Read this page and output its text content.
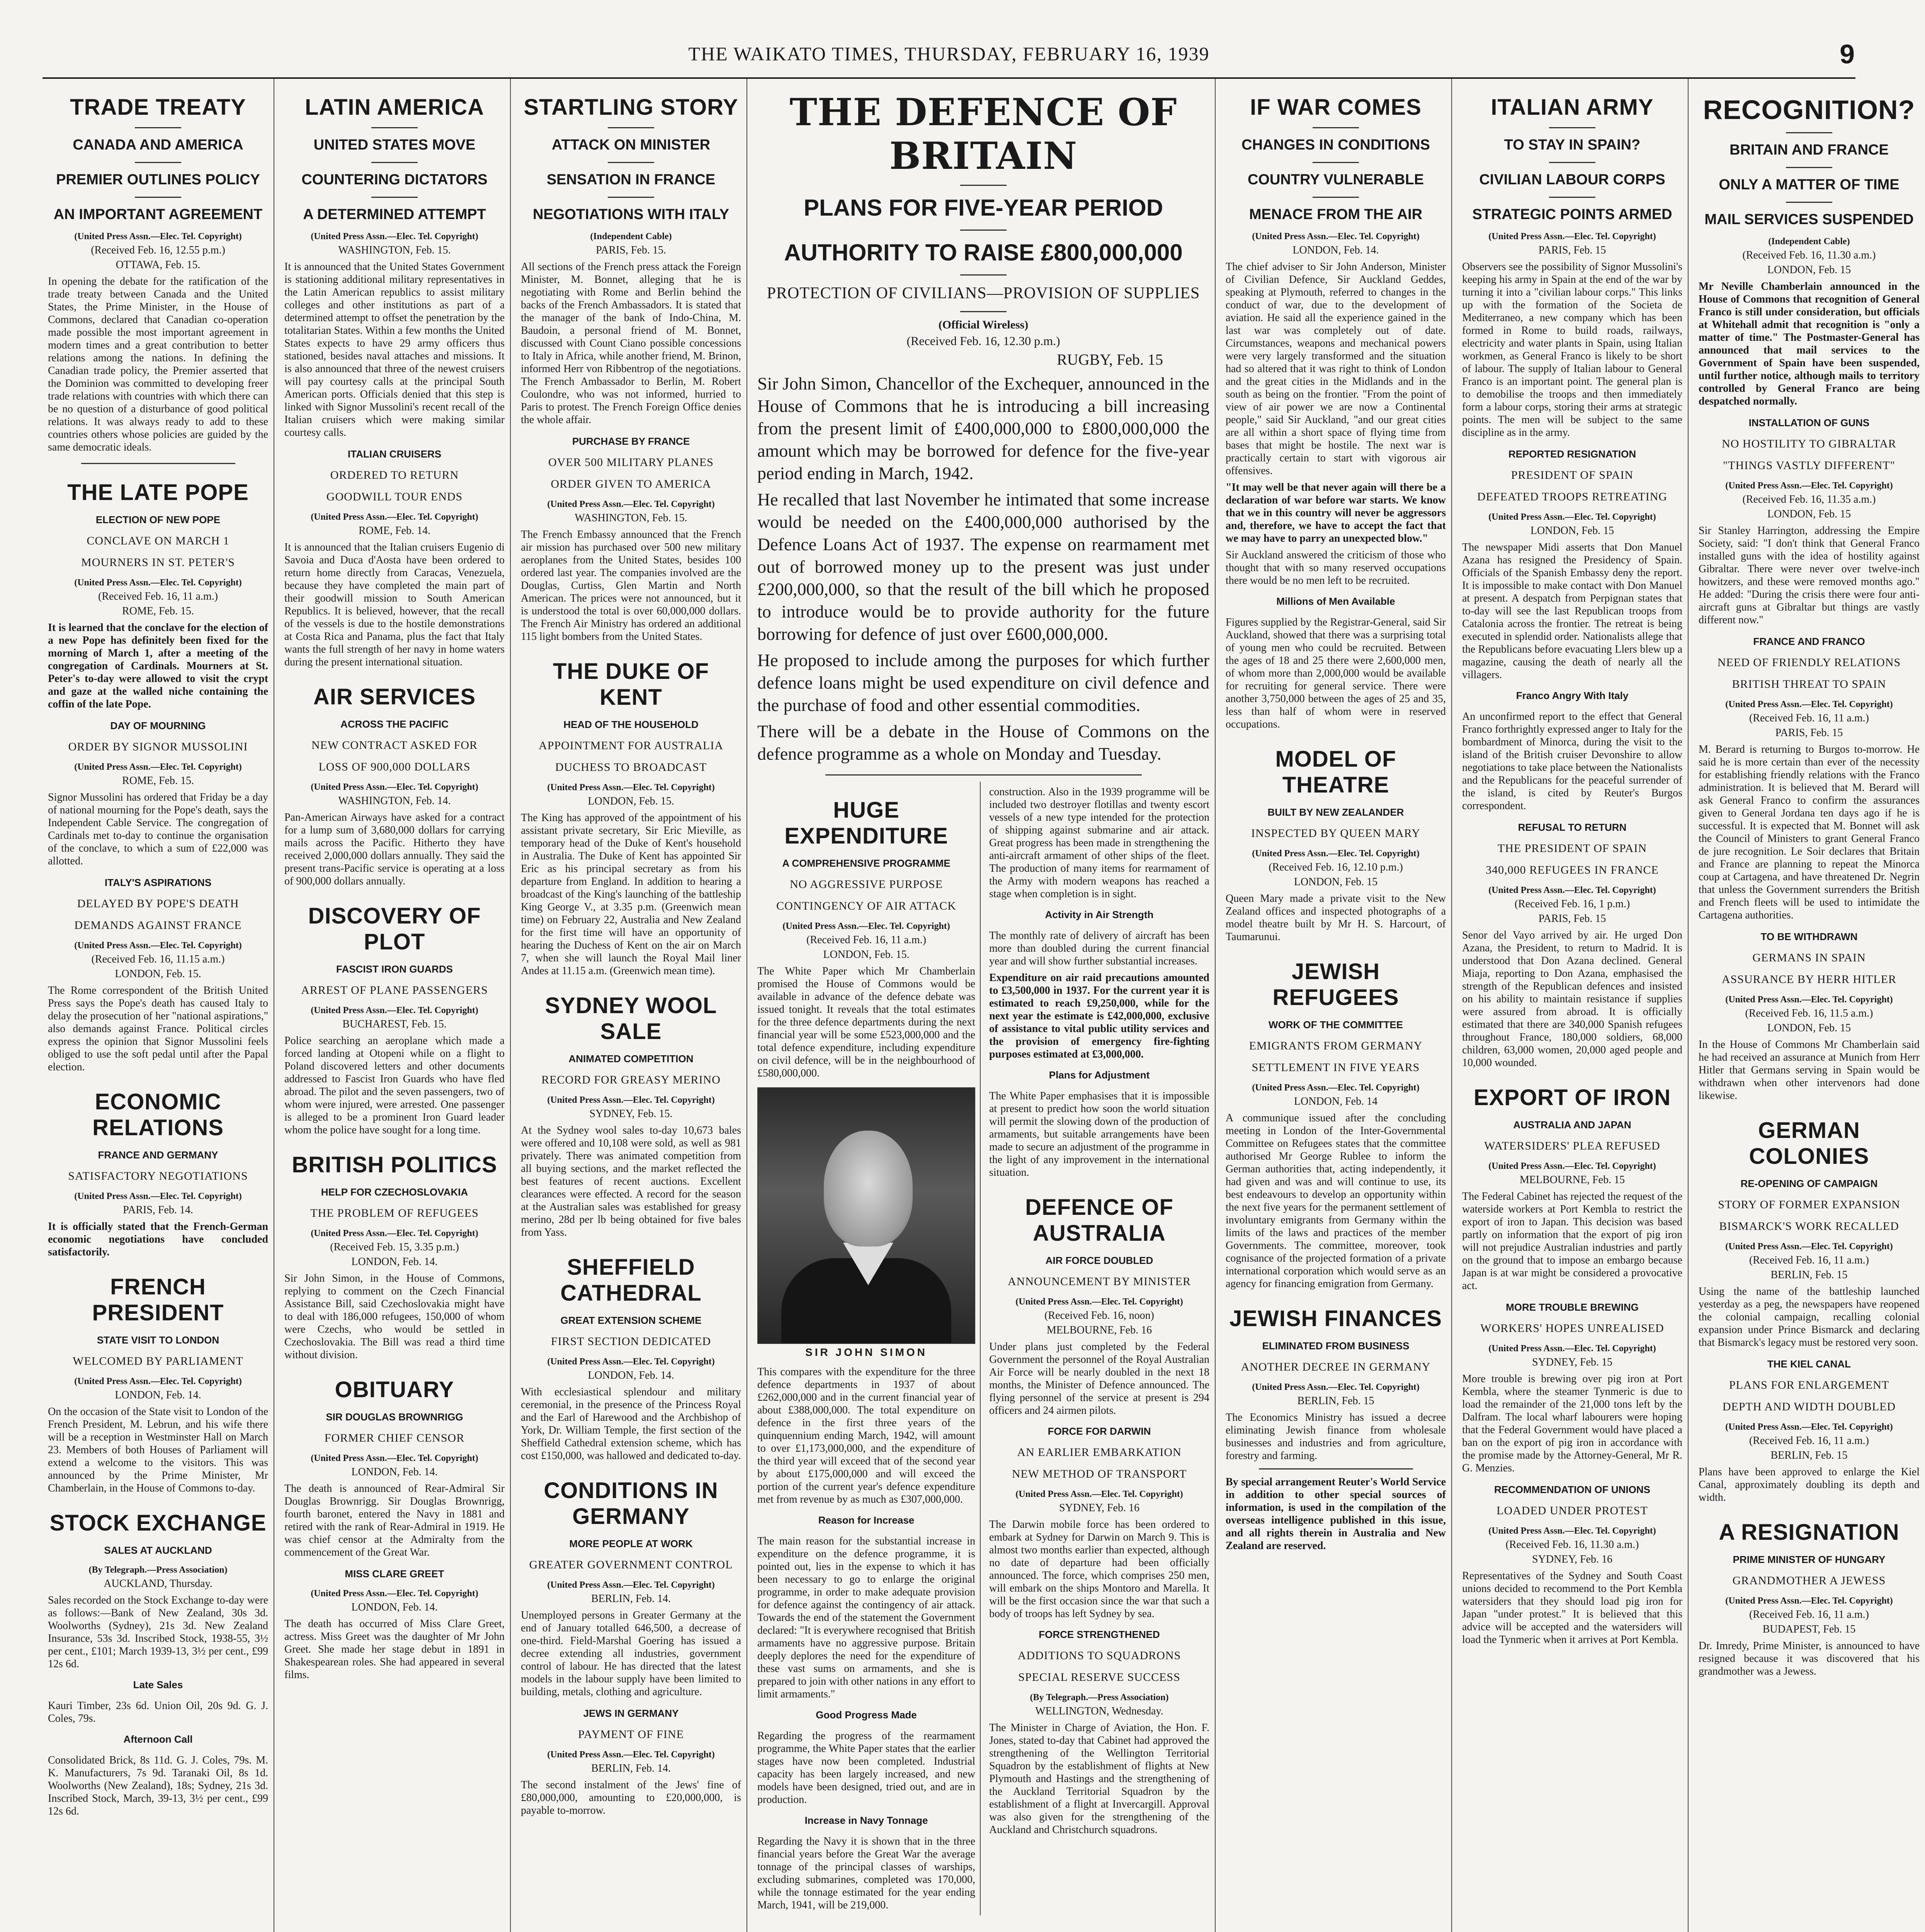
THE WAIKATO TIMES, THURSDAY, FEBRUARY 16, 1939	9
TRADE TREATY
CANADA AND AMERICA
PREMIER OUTLINES POLICY
AN IMPORTANT AGREEMENT
(United Press Assn.—Elec. Tel. Copyright)
(Received Feb. 16, 12.55 p.m.)
OTTAWA, Feb. 15.
In opening the debate for the ratification of the trade treaty between Canada and the United States, the Prime Minister, in the House of Commons, declared that Canadian co-operation made possible the most important agreement in modern times and a great contribution to better relations among the nations. In defining the Canadian trade policy, the Premier asserted that the Dominion was committed to developing freer trade relations with countries with which there can be no question of a disturbance of good political relations. It was always ready to add to these countries others whose policies are guided by the same democratic ideals.
THE LATE POPE
ELECTION OF NEW POPE
CONCLAVE ON MARCH 1
MOURNERS IN ST. PETER'S
(United Press Assn.—Elec. Tel. Copyright)
(Received Feb. 16, 11 a.m.)
ROME, Feb. 15.
It is learned that the conclave for the election of a new Pope has definitely been fixed for the morning of March 1, after a meeting of the congregation of Cardinals. Mourners at St. Peter's to-day were allowed to visit the crypt and gaze at the walled niche containing the coffin of the late Pope.
DAY OF MOURNING
ORDER BY SIGNOR MUSSOLINI
(United Press Assn.—Elec. Tel. Copyright)
ROME, Feb. 15.
Signor Mussolini has ordered that Friday be a day of national mourning for the Pope's death, says the Independent Cable Service. The congregation of Cardinals met to-day to continue the organisation of the conclave, to which a sum of £22,000 was allotted.
ITALY'S ASPIRATIONS
DELAYED BY POPE'S DEATH
DEMANDS AGAINST FRANCE
(United Press Assn.—Elec. Tel. Copyright)
(Received Feb. 16, 11.15 a.m.)
LONDON, Feb. 15.
The Rome correspondent of the British United Press says the Pope's death has caused Italy to delay the prosecution of her "national aspirations," also demands against France. Political circles express the opinion that Signor Mussolini feels obliged to use the soft pedal until after the Papal election.
ECONOMIC RELATIONS
FRANCE AND GERMANY
SATISFACTORY NEGOTIATIONS
(United Press Assn.—Elec. Tel. Copyright)
PARIS, Feb. 14.
It is officially stated that the French-German economic negotiations have concluded satisfactorily.
FRENCH PRESIDENT
STATE VISIT TO LONDON
WELCOMED BY PARLIAMENT
(United Press Assn.—Elec. Tel. Copyright)
LONDON, Feb. 14.
On the occasion of the State visit to London of the French President, M. Lebrun, and his wife there will be a reception in Westminster Hall on March 23. Members of both Houses of Parliament will extend a welcome to the visitors. This was announced by the Prime Minister, Mr Chamberlain, in the House of Commons to-day.
STOCK EXCHANGE
SALES AT AUCKLAND
(By Telegraph.—Press Association)
AUCKLAND, Thursday.
Sales recorded on the Stock Exchange to-day were as follows:—Bank of New Zealand, 30s 3d. Woolworths (Sydney), 21s 3d. New Zealand Insurance, 53s 3d. Inscribed Stock, 1938-55, 3½ per cent., £101; March 1939-13, 3½ per cent., £99 12s 6d.
Late Sales
Kauri Timber, 23s 6d. Union Oil, 20s 9d. G. J. Coles, 79s.
Afternoon Call
Consolidated Brick, 8s 11d. G. J. Coles, 79s. M. K. Manufacturers, 7s 9d. Taranaki Oil, 8s 1d. Woolworths (New Zealand), 18s; Sydney, 21s 3d. Inscribed Stock, March, 39-13, 3½ per cent., £99 12s 6d.
LATIN AMERICA
UNITED STATES MOVE
COUNTERING DICTATORS
A DETERMINED ATTEMPT
(United Press Assn.—Elec. Tel. Copyright)
WASHINGTON, Feb. 15.
It is announced that the United States Government is stationing additional military representatives in the Latin American republics to assist military colleges and other institutions as part of a determined attempt to offset the penetration by the totalitarian States. Within a few months the United States expects to have 29 army officers thus stationed, besides naval attaches and missions. It is also announced that three of the newest cruisers will pay courtesy calls at the principal South American ports. Officials denied that this step is linked with Signor Mussolini's recent recall of the Italian cruisers which were making similar courtesy calls.
ITALIAN CRUISERS
ORDERED TO RETURN
GOODWILL TOUR ENDS
(United Press Assn.—Elec. Tel. Copyright)
ROME, Feb. 14.
It is announced that the Italian cruisers Eugenio di Savoia and Duca d'Aosta have been ordered to return home directly from Caracas, Venezuela, because they have completed the main part of their goodwill mission to South American Republics. It is believed, however, that the recall of the vessels is due to the hostile demonstrations at Costa Rica and Panama, plus the fact that Italy wants the full strength of her navy in home waters during the present international situation.
AIR SERVICES
ACROSS THE PACIFIC
NEW CONTRACT ASKED FOR
LOSS OF 900,000 DOLLARS
(United Press Assn.—Elec. Tel. Copyright)
WASHINGTON, Feb. 14.
Pan-American Airways have asked for a contract for a lump sum of 3,680,000 dollars for carrying mails across the Pacific. Hitherto they have received 2,000,000 dollars annually. They said the present trans-Pacific service is operating at a loss of 900,000 dollars annually.
DISCOVERY OF PLOT
FASCIST IRON GUARDS
ARREST OF PLANE PASSENGERS
(United Press Assn.—Elec. Tel. Copyright)
BUCHAREST, Feb. 15.
Police searching an aeroplane which made a forced landing at Otopeni while on a flight to Poland discovered letters and other documents addressed to Fascist Iron Guards who have fled abroad. The pilot and the seven passengers, two of whom were injured, were arrested. One passenger is alleged to be a prominent Iron Guard leader whom the police have sought for a long time.
BRITISH POLITICS
HELP FOR CZECHOSLOVAKIA
THE PROBLEM OF REFUGEES
(United Press Assn.—Elec. Tel. Copyright)
(Received Feb. 15, 3.35 p.m.)
LONDON, Feb. 14.
Sir John Simon, in the House of Commons, replying to comment on the Czech Financial Assistance Bill, said Czechoslovakia might have to deal with 186,000 refugees, 150,000 of whom were Czechs, who would be settled in Czechoslovakia. The Bill was read a third time without division.
OBITUARY
SIR DOUGLAS BROWNRIGG
FORMER CHIEF CENSOR
(United Press Assn.—Elec. Tel. Copyright)
LONDON, Feb. 14.
The death is announced of Rear-Admiral Sir Douglas Brownrigg. Sir Douglas Brownrigg, fourth baronet, entered the Navy in 1881 and retired with the rank of Rear-Admiral in 1919. He was chief censor at the Admiralty from the commencement of the Great War.
MISS CLARE GREET
(United Press Assn.—Elec. Tel. Copyright)
LONDON, Feb. 14.
The death has occurred of Miss Clare Greet, actress. Miss Greet was the daughter of Mr John Greet. She made her stage debut in 1891 in Shakespearean roles. She had appeared in several films.
STARTLING STORY
ATTACK ON MINISTER
SENSATION IN FRANCE
NEGOTIATIONS WITH ITALY
(Independent Cable)
PARIS, Feb. 15.
All sections of the French press attack the Foreign Minister, M. Bonnet, alleging that he is negotiating with Rome and Berlin behind the backs of the French Ambassadors. It is stated that the manager of the bank of Indo-China, M. Baudoin, a personal friend of M. Bonnet, discussed with Count Ciano possible concessions to Italy in Africa, while another friend, M. Brinon, informed Herr von Ribbentrop of the negotiations. The French Ambassador to Berlin, M. Robert Coulondre, who was not informed, hurried to Paris to protest. The French Foreign Office denies the whole affair.
PURCHASE BY FRANCE
OVER 500 MILITARY PLANES
ORDER GIVEN TO AMERICA
(United Press Assn.—Elec. Tel. Copyright)
WASHINGTON, Feb. 15.
The French Embassy announced that the French air mission has purchased over 500 new military aeroplanes from the United States, besides 100 ordered last year. The companies involved are the Douglas, Curtiss, Glen Martin and North American. The prices were not announced, but it is understood the total is over 60,000,000 dollars. The French Air Ministry has ordered an additional 115 light bombers from the United States.
THE DUKE OF KENT
HEAD OF THE HOUSEHOLD
APPOINTMENT FOR AUSTRALIA
DUCHESS TO BROADCAST
(United Press Assn.—Elec. Tel. Copyright)
LONDON, Feb. 15.
The King has approved of the appointment of his assistant private secretary, Sir Eric Mieville, as temporary head of the Duke of Kent's household in Australia. The Duke of Kent has appointed Sir Eric as his principal secretary as from his departure from England. In addition to hearing a broadcast of the King's launching of the battleship King George V., at 3.35 p.m. (Greenwich mean time) on February 22, Australia and New Zealand for the first time will have an opportunity of hearing the Duchess of Kent on the air on March 7, when she will launch the Royal Mail liner Andes at 11.15 a.m. (Greenwich mean time).
SYDNEY WOOL SALE
ANIMATED COMPETITION
RECORD FOR GREASY MERINO
(United Press Assn.—Elec. Tel. Copyright)
SYDNEY, Feb. 15.
At the Sydney wool sales to-day 10,673 bales were offered and 10,108 were sold, as well as 981 privately. There was animated competition from all buying sections, and the market reflected the best features of recent auctions. Excellent clearances were effected. A record for the season at the Australian sales was established for greasy merino, 28d per lb being obtained for five bales from Yass.
SHEFFIELD CATHEDRAL
GREAT EXTENSION SCHEME
FIRST SECTION DEDICATED
(United Press Assn.—Elec. Tel. Copyright)
LONDON, Feb. 14.
With ecclesiastical splendour and military ceremonial, in the presence of the Princess Royal and the Earl of Harewood and the Archbishop of York, Dr. William Temple, the first section of the Sheffield Cathedral extension scheme, which has cost £150,000, was hallowed and dedicated to-day.
CONDITIONS IN GERMANY
MORE PEOPLE AT WORK
GREATER GOVERNMENT CONTROL
(United Press Assn.—Elec. Tel. Copyright)
BERLIN, Feb. 14.
Unemployed persons in Greater Germany at the end of January totalled 646,500, a decrease of one-third. Field-Marshal Goering has issued a decree extending all industries, government control of labour. He has directed that the latest models in the labour supply have been limited to building, metals, clothing and agriculture.
JEWS IN GERMANY
PAYMENT OF FINE
(United Press Assn.—Elec. Tel. Copyright)
BERLIN, Feb. 14.
The second instalment of the Jews' fine of £80,000,000, amounting to £20,000,000, is payable to-morrow.
THE DEFENCE OF BRITAIN
PLANS FOR FIVE-YEAR PERIOD
AUTHORITY TO RAISE £800,000,000
PROTECTION OF CIVILIANS—PROVISION OF SUPPLIES
(Official Wireless)
(Received Feb. 16, 12.30 p.m.)
RUGBY, Feb. 15
Sir John Simon, Chancellor of the Exchequer, announced in the House of Commons that he is introducing a bill increasing from the present limit of £400,000,000 to £800,000,000 the amount which may be borrowed for defence for the five-year period ending in March, 1942.
He recalled that last November he intimated that some increase would be needed on the £400,000,000 authorised by the Defence Loans Act of 1937. The expense on rearmament met out of borrowed money up to the present was just under £200,000,000, so that the result of the bill which he proposed to introduce would be to provide authority for the future borrowing for defence of just over £600,000,000.
He proposed to include among the purposes for which further defence loans might be used expenditure on civil defence and the purchase of food and other essential commodities.
There will be a debate in the House of Commons on the defence programme as a whole on Monday and Tuesday.
HUGE EXPENDITURE
A COMPREHENSIVE PROGRAMME
NO AGGRESSIVE PURPOSE
CONTINGENCY OF AIR ATTACK
(United Press Assn.—Elec. Tel. Copyright)
(Received Feb. 16, 11 a.m.)
LONDON, Feb. 15.
The White Paper which Mr Chamberlain promised the House of Commons would be available in advance of the defence debate was issued tonight. It reveals that the total estimates for the three defence departments during the next financial year will be some £523,000,000 and the total defence expenditure, including expenditure on civil defence, will be in the neighbourhood of £580,000,000.
SIR JOHN SIMON
This compares with the expenditure for the three defence departments in 1937 of about £262,000,000 and in the current financial year of about £388,000,000. The total expenditure on defence in the first three years of the quinquennium ending March, 1942, will amount to over £1,173,000,000, and the expenditure of the third year will exceed that of the second year by about £175,000,000 and will exceed the portion of the current year's defence expenditure met from revenue by as much as £307,000,000.
Reason for Increase
The main reason for the substantial increase in expenditure on the defence programme, it is pointed out, lies in the expense to which it has been necessary to go to enlarge the original programme, in order to make adequate provision for defence against the contingency of air attack. Towards the end of the statement the Government declared: "It is everywhere recognised that British armaments have no aggressive purpose. Britain deeply deplores the need for the expenditure of these vast sums on armaments, and she is prepared to join with other nations in any effort to limit armaments."
Good Progress Made
Regarding the progress of the rearmament programme, the White Paper states that the earlier stages have now been completed. Industrial capacity has been largely increased, and new models have been designed, tried out, and are in production.
Increase in Navy Tonnage
Regarding the Navy it is shown that in the three financial years before the Great War the average tonnage of the principal classes of warships, excluding submarines, completed was 170,000, while the tonnage estimated for the year ending March, 1941, will be 219,000.
construction. Also in the 1939 programme will be included two destroyer flotillas and twenty escort vessels of a new type intended for the protection of shipping against submarine and air attack. Great progress has been made in strengthening the anti-aircraft armament of other ships of the fleet. The production of many items for rearmament of the Army with modern weapons has reached a stage when completion is in sight.
Activity in Air Strength
The monthly rate of delivery of aircraft has been more than doubled during the current financial year and will show further substantial increases.
Expenditure on air raid precautions amounted to £3,500,000 in 1937. For the current year it is estimated to reach £9,250,000, while for the next year the estimate is £42,000,000, exclusive of assistance to vital public utility services and the provision of emergency fire-fighting purposes estimated at £3,000,000.
Plans for Adjustment
The White Paper emphasises that it is impossible at present to predict how soon the world situation will permit the slowing down of the production of armaments, but suitable arrangements have been made to secure an adjustment of the programme in the light of any improvement in the international situation.
DEFENCE OF AUSTRALIA
AIR FORCE DOUBLED
ANNOUNCEMENT BY MINISTER
(United Press Assn.—Elec. Tel. Copyright)
(Received Feb. 16, noon)
MELBOURNE, Feb. 16
Under plans just completed by the Federal Government the personnel of the Royal Australian Air Force will be nearly doubled in the next 18 months, the Minister of Defence announced. The flying personnel of the service at present is 294 officers and 24 airmen pilots.
FORCE FOR DARWIN
AN EARLIER EMBARKATION
NEW METHOD OF TRANSPORT
(United Press Assn.—Elec. Tel. Copyright)
SYDNEY, Feb. 16
The Darwin mobile force has been ordered to embark at Sydney for Darwin on March 9. This is almost two months earlier than expected, although no date of departure had been officially announced. The force, which comprises 250 men, will embark on the ships Montoro and Marella. It will be the first occasion since the war that such a body of troops has left Sydney by sea.
FORCE STRENGTHENED
ADDITIONS TO SQUADRONS
SPECIAL RESERVE SUCCESS
(By Telegraph.—Press Association)
WELLINGTON, Wednesday.
The Minister in Charge of Aviation, the Hon. F. Jones, stated to-day that Cabinet had approved the strengthening of the Wellington Territorial Squadron by the establishment of flights at New Plymouth and Hastings and the strengthening of the Auckland Territorial Squadron by the establishment of a flight at Invercargill. Approval was also given for the strengthening of the Auckland and Christchurch squadrons.
IF WAR COMES
CHANGES IN CONDITIONS
COUNTRY VULNERABLE
MENACE FROM THE AIR
(United Press Assn.—Elec. Tel. Copyright)
LONDON, Feb. 14.
The chief adviser to Sir John Anderson, Minister of Civilian Defence, Sir Auckland Geddes, speaking at Plymouth, referred to changes in the conduct of war, due to the development of aviation. He said all the experience gained in the last war was completely out of date. Circumstances, weapons and mechanical powers were very largely transformed and the situation had so altered that it was right to think of London and the great cities in the Midlands and in the south as being on the frontier. "From the point of view of air power we are now a Continental people," said Sir Auckland, "and our great cities are all within a short space of flying time from bases that might be hostile. The next war is practically certain to start with vigorous air offensives.
"It may well be that never again will there be a declaration of war before war starts. We know that we in this country will never be aggressors and, therefore, we have to accept the fact that we may have to parry an unexpected blow."
Sir Auckland answered the criticism of those who thought that with so many reserved occupations there would be no men left to be recruited.
Millions of Men Available
Figures supplied by the Registrar-General, said Sir Auckland, showed that there was a surprising total of young men who could be recruited. Between the ages of 18 and 25 there were 2,600,000 men, of whom more than 2,000,000 would be available for recruiting for general service. There were another 3,750,000 between the ages of 25 and 35, less than half of whom were in reserved occupations.
MODEL OF THEATRE
BUILT BY NEW ZEALANDER
INSPECTED BY QUEEN MARY
(United Press Assn.—Elec. Tel. Copyright)
(Received Feb. 16, 12.10 p.m.)
LONDON, Feb. 15
Queen Mary made a private visit to the New Zealand offices and inspected photographs of a model theatre built by Mr H. S. Harcourt, of Taumarunui.
JEWISH REFUGEES
WORK OF THE COMMITTEE
EMIGRANTS FROM GERMANY
SETTLEMENT IN FIVE YEARS
(United Press Assn.—Elec. Tel. Copyright)
LONDON, Feb. 14
A communique issued after the concluding meeting in London of the Inter-Governmental Committee on Refugees states that the committee authorised Mr George Rublee to inform the German authorities that, acting independently, it had given and was and will continue to use, its best endeavours to develop an opportunity within the next five years for the permanent settlement of involuntary emigrants from Germany within the limits of the laws and practices of the member Governments. The committee, moreover, took cognisance of the projected formation of a private international corporation which would serve as an agency for financing emigration from Germany.
JEWISH FINANCES
ELIMINATED FROM BUSINESS
ANOTHER DECREE IN GERMANY
(United Press Assn.—Elec. Tel. Copyright)
BERLIN, Feb. 15
The Economics Ministry has issued a decree eliminating Jewish finance from wholesale businesses and industries and from agriculture, forestry and farming.
By special arrangement Reuter's World Service in addition to other special sources of information, is used in the compilation of the overseas intelligence published in this issue, and all rights therein in Australia and New Zealand are reserved.
ITALIAN ARMY
TO STAY IN SPAIN?
CIVILIAN LABOUR CORPS
STRATEGIC POINTS ARMED
(United Press Assn.—Elec. Tel. Copyright)
PARIS, Feb. 15
Observers see the possibility of Signor Mussolini's keeping his army in Spain at the end of the war by turning it into a "civilian labour corps." This links up with the formation of the Societa de Mediterraneo, a new company which has been formed in Rome to build roads, railways, electricity and water plants in Spain, using Italian workmen, as General Franco is likely to be short of labour. The supply of Italian labour to General Franco is an important point. The general plan is to demobilise the troops and then immediately form a labour corps, storing their arms at strategic points. The men will be subject to the same discipline as in the army.
REPORTED RESIGNATION
PRESIDENT OF SPAIN
DEFEATED TROOPS RETREATING
(United Press Assn.—Elec. Tel. Copyright)
LONDON, Feb. 15
The newspaper Midi asserts that Don Manuel Azana has resigned the Presidency of Spain. Officials of the Spanish Embassy deny the report. It is impossible to make contact with Don Manuel at present. A despatch from Perpignan states that to-day will see the last Republican troops from Catalonia across the frontier. The retreat is being executed in splendid order. Nationalists allege that the Republicans before evacuating Llers blew up a magazine, causing the death of nearly all the villagers.
Franco Angry With Italy
An unconfirmed report to the effect that General Franco forthrightly expressed anger to Italy for the bombardment of Minorca, during the visit to the island of the British cruiser Devonshire to allow negotiations to take place between the Nationalists and the Republicans for the peaceful surrender of the island, is cited by Reuter's Burgos correspondent.
REFUSAL TO RETURN
THE PRESIDENT OF SPAIN
340,000 REFUGEES IN FRANCE
(United Press Assn.—Elec. Tel. Copyright)
(Received Feb. 16, 1 p.m.)
PARIS, Feb. 15
Senor del Vayo arrived by air. He urged Don Azana, the President, to return to Madrid. It is understood that Don Azana declined. General Miaja, reporting to Don Azana, emphasised the strength of the Republican defences and insisted on his ability to maintain resistance if supplies were assured from abroad. It is officially estimated that there are 340,000 Spanish refugees throughout France, 180,000 soldiers, 68,000 children, 63,000 women, 20,000 aged people and 10,000 wounded.
EXPORT OF IRON
AUSTRALIA AND JAPAN
WATERSIDERS' PLEA REFUSED
(United Press Assn.—Elec. Tel. Copyright)
MELBOURNE, Feb. 15
The Federal Cabinet has rejected the request of the waterside workers at Port Kembla to restrict the export of iron to Japan. This decision was based partly on information that the export of pig iron will not prejudice Australian industries and partly on the ground that to impose an embargo because Japan is at war might be considered a provocative act.
MORE TROUBLE BREWING
WORKERS' HOPES UNREALISED
(United Press Assn.—Elec. Tel. Copyright)
SYDNEY, Feb. 15
More trouble is brewing over pig iron at Port Kembla, where the steamer Tynmeric is due to load the remainder of the 21,000 tons left by the Dalfram. The local wharf labourers were hoping that the Federal Government would have placed a ban on the export of pig iron in accordance with the promise made by the Attorney-General, Mr R. G. Menzies.
RECOMMENDATION OF UNIONS
LOADED UNDER PROTEST
(United Press Assn.—Elec. Tel. Copyright)
(Received Feb. 16, 11.30 a.m.)
SYDNEY, Feb. 16
Representatives of the Sydney and South Coast unions decided to recommend to the Port Kembla watersiders that they should load pig iron for Japan "under protest." It is believed that this advice will be accepted and the watersiders will load the Tynmeric when it arrives at Port Kembla.
RECOGNITION?
BRITAIN AND FRANCE
ONLY A MATTER OF TIME
MAIL SERVICES SUSPENDED
(Independent Cable)
(Received Feb. 16, 11.30 a.m.)
LONDON, Feb. 15
Mr Neville Chamberlain announced in the House of Commons that recognition of General Franco is still under consideration, but officials at Whitehall admit that recognition is "only a matter of time." The Postmaster-General has announced that mail services to the Government of Spain have been suspended, until further notice, although mails to territory controlled by General Franco are being despatched normally.
INSTALLATION OF GUNS
NO HOSTILITY TO GIBRALTAR
"THINGS VASTLY DIFFERENT"
(United Press Assn.—Elec. Tel. Copyright)
(Received Feb. 16, 11.35 a.m.)
LONDON, Feb. 15
Sir Stanley Harrington, addressing the Empire Society, said: "I don't think that General Franco installed guns with the idea of hostility against Gibraltar. There were never over twelve-inch howitzers, and these were removed months ago." He added: "During the crisis there were four anti-aircraft guns at Gibraltar but things are vastly different now."
FRANCE AND FRANCO
NEED OF FRIENDLY RELATIONS
BRITISH THREAT TO SPAIN
(United Press Assn.—Elec. Tel. Copyright)
(Received Feb. 16, 11 a.m.)
PARIS, Feb. 15
M. Berard is returning to Burgos to-morrow. He said he is more certain than ever of the necessity for establishing friendly relations with the Franco administration. It is believed that M. Berard will ask General Franco to confirm the assurances given to General Jordana ten days ago if he is successful. It is expected that M. Bonnet will ask the Council of Ministers to grant General Franco de jure recognition. Le Soir declares that Britain and France are planning to repeat the Minorca coup at Cartagena, and have threatened Dr. Negrin that unless the Government surrenders the British and French fleets will be used to intimidate the Cartagena authorities.
TO BE WITHDRAWN
GERMANS IN SPAIN
ASSURANCE BY HERR HITLER
(United Press Assn.—Elec. Tel. Copyright)
(Received Feb. 16, 11.5 a.m.)
LONDON, Feb. 15
In the House of Commons Mr Chamberlain said he had received an assurance at Munich from Herr Hitler that Germans serving in Spain would be withdrawn when other intervenors had done likewise.
GERMAN COLONIES
RE-OPENING OF CAMPAIGN
STORY OF FORMER EXPANSION
BISMARCK'S WORK RECALLED
(United Press Assn.—Elec. Tel. Copyright)
(Received Feb. 16, 11 a.m.)
BERLIN, Feb. 15
Using the name of the battleship launched yesterday as a peg, the newspapers have reopened the colonial campaign, recalling colonial expansion under Prince Bismarck and declaring that Bismarck's legacy must be restored very soon.
THE KIEL CANAL
PLANS FOR ENLARGEMENT
DEPTH AND WIDTH DOUBLED
(United Press Assn.—Elec. Tel. Copyright)
(Received Feb. 16, 11 a.m.)
BERLIN, Feb. 15
Plans have been approved to enlarge the Kiel Canal, approximately doubling its depth and width.
A RESIGNATION
PRIME MINISTER OF HUNGARY
GRANDMOTHER A JEWESS
(United Press Assn.—Elec. Tel. Copyright)
(Received Feb. 16, 11 a.m.)
BUDAPEST, Feb. 15
Dr. Imredy, Prime Minister, is announced to have resigned because it was discovered that his grandmother was a Jewess.
